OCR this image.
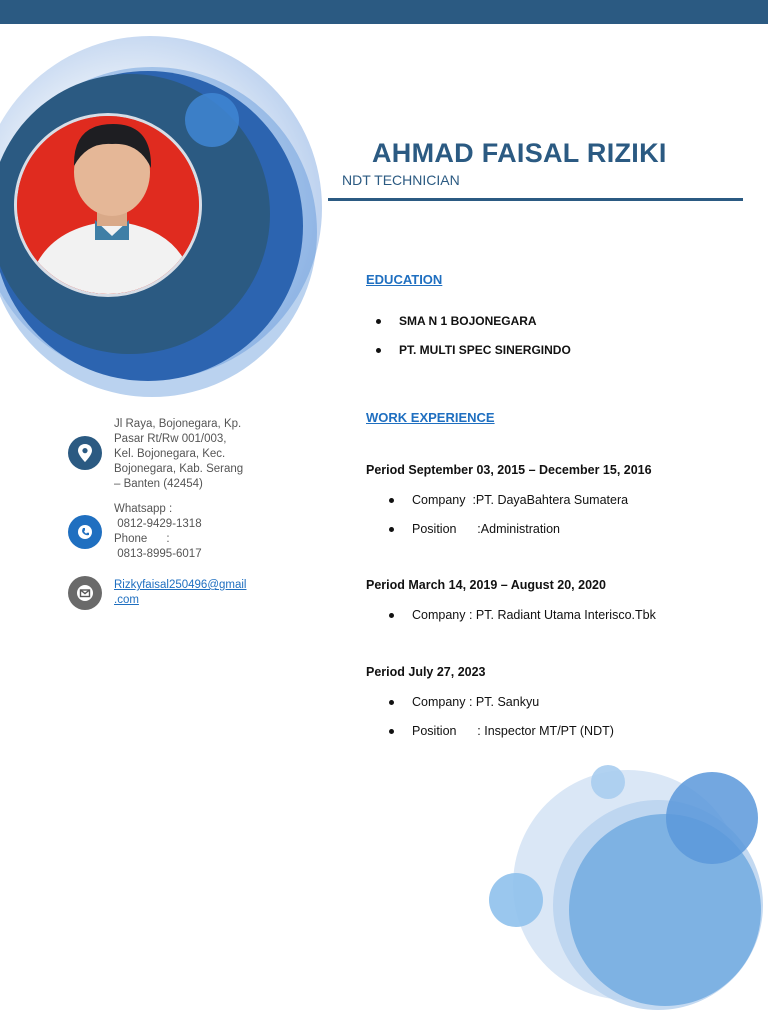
AHMAD FAISAL RIZIKI
NDT TECHNICIAN
Jl Raya, Bojonegara, Kp.
Pasar Rt/Rw 001/003,
Kel. Bojonegara, Kec.
Bojonegara, Kab. Serang
– Banten (42454)
Whatsapp :
0812-9429-1318
Phone      :
0813-8995-6017
Rizkyfaisal250496@gmail
.com
EDUCATION
SMA N 1 BOJONEGARA
PT. MULTI SPEC SINERGINDO
WORK EXPERIENCE
Period September 03, 2015 – December 15, 2016
Company  :PT. DayaBahtera Sumatera
Position      :Administration
Period March 14, 2019 – August 20, 2020
Company : PT. Radiant Utama Interisco.Tbk
Period July 27, 2023
Company : PT. Sankyu
Position      : Inspector MT/PT (NDT)
